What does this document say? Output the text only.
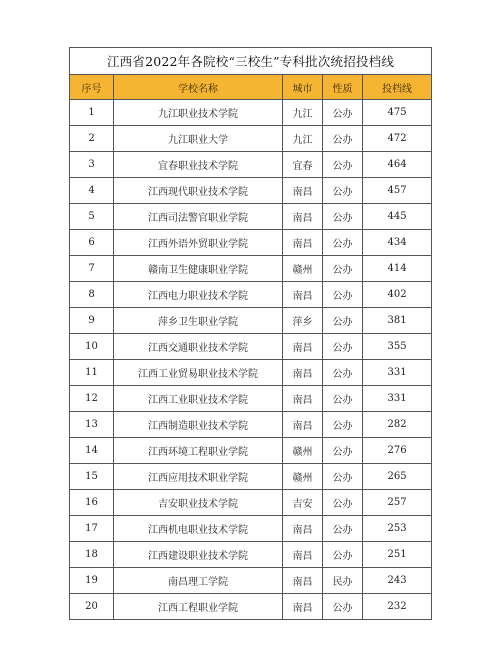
江西省2022年各院校“三校生”专科批次统招投档线				
序号	学校名称	城市	性质	投档线
1	九江职业技术学院	九江	公办	475
2	九江职业大学	九江	公办	472
3	宜春职业技术学院	宜春	公办	464
4	江西现代职业技术学院	南昌	公办	457
5	江西司法警官职业学院	南昌	公办	445
6	江西外语外贸职业学院	南昌	公办	434
7	赣南卫生健康职业学院	赣州	公办	414
8	江西电力职业技术学院	南昌	公办	402
9	萍乡卫生职业学院	萍乡	公办	381
10	江西交通职业技术学院	南昌	公办	355
11	江西工业贸易职业技术学院	南昌	公办	331
12	江西工业职业技术学院	南昌	公办	331
13	江西制造职业技术学院	南昌	公办	282
14	江西环境工程职业学院	赣州	公办	276
15	江西应用技术职业学院	赣州	公办	265
16	吉安职业技术学院	吉安	公办	257
17	江西机电职业技术学院	南昌	公办	253
18	江西建设职业技术学院	南昌	公办	251
19	南昌理工学院	南昌	民办	243
20	江西工程职业学院	南昌	公办	232
